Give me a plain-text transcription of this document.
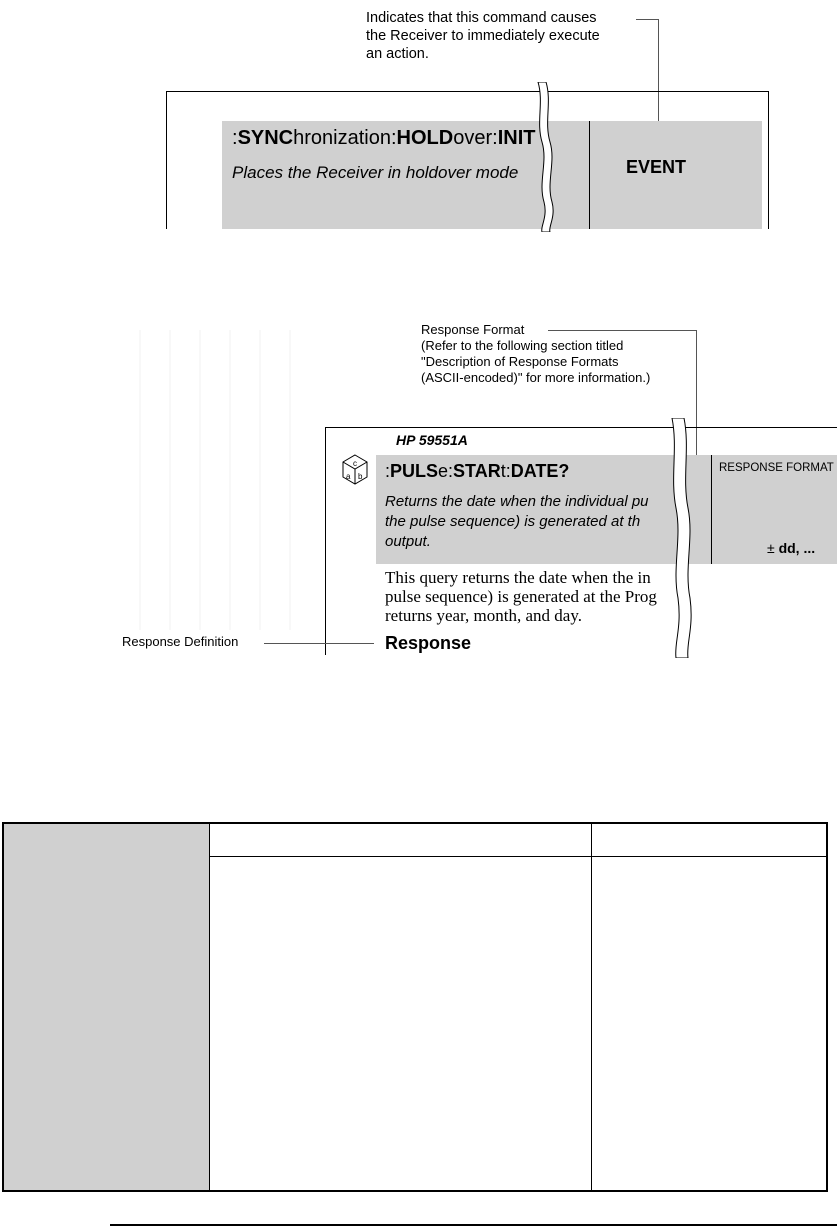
Indicates that this command causes
the Receiver to immediately execute
an action.
:SYNChronization:HOLDover:INIT
Places the Receiver in holdover mode	EVENT
Response Format
(Refer to the following section titled
"Description of Response Formats
(ASCII-encoded)" for more information.)
HP 59551A
c
a b :PULSe:STARt:DATE?
Returns the date when the individual pu
the pulse sequence) is generated at th
output.
RESPONSE FORMAT
± dd, ...
This query returns the date when the in
pulse sequence) is generated at the Prog
returns year, month, and day.
Response Definition	Response
